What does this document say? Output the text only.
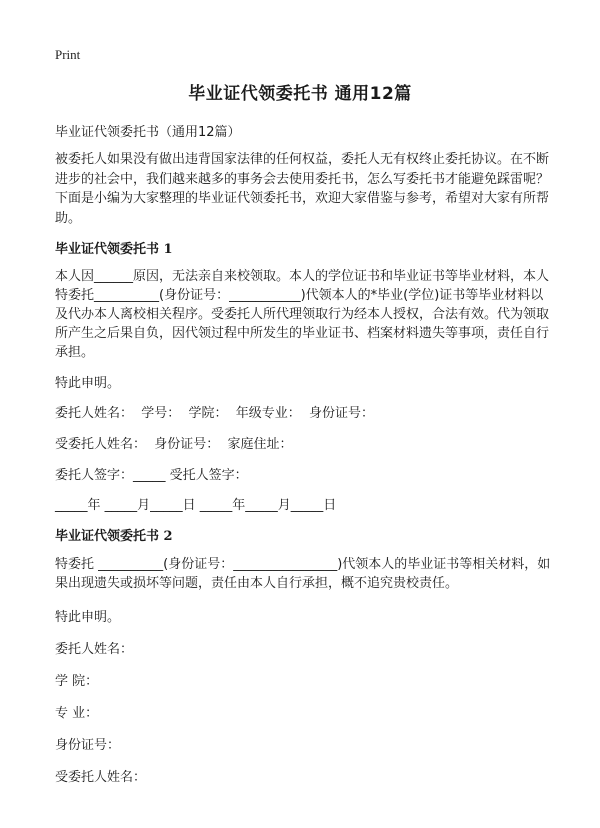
Print
毕业证代领委托书 通用12篇

毕业证代领委托书（通用12篇）

被委托人如果没有做出违背国家法律的任何权益，委托人无有权终止委托协议。在不断进步的社会中，我们越来越多的事务会去使用委托书，怎么写委托书才能避免踩雷呢？下面是小编为大家整理的毕业证代领委托书，欢迎大家借鉴与参考，希望对大家有所帮助。

毕业证代领委托书 1

本人因______原因，无法亲自来校领取。本人的学位证书和毕业证书等毕业材料，本人特委托__________(身份证号：___________)代领本人的*毕业(学位)证书等毕业材料以及代办本人离校相关程序。受委托人所代理领取行为经本人授权，合法有效。代为领取所产生之后果自负，因代领过程中所发生的毕业证书、档案材料遗失等事项，责任自行承担。

特此申明。

委托人姓名：  学号：  学院：  年级专业：  身份证号：

受委托人姓名：  身份证号：  家庭住址：

委托人签字：_____ 受托人签字：

_____年 _____月_____日 _____年_____月_____日

毕业证代领委托书 2

特委托 __________(身份证号：________________)代领本人的毕业证书等相关材料，如果出现遗失或损坏等问题，责任由本人自行承担，概不追究贵校责任。

特此申明。

委托人姓名：

学 院：

专 业：

身份证号：

受委托人姓名：
